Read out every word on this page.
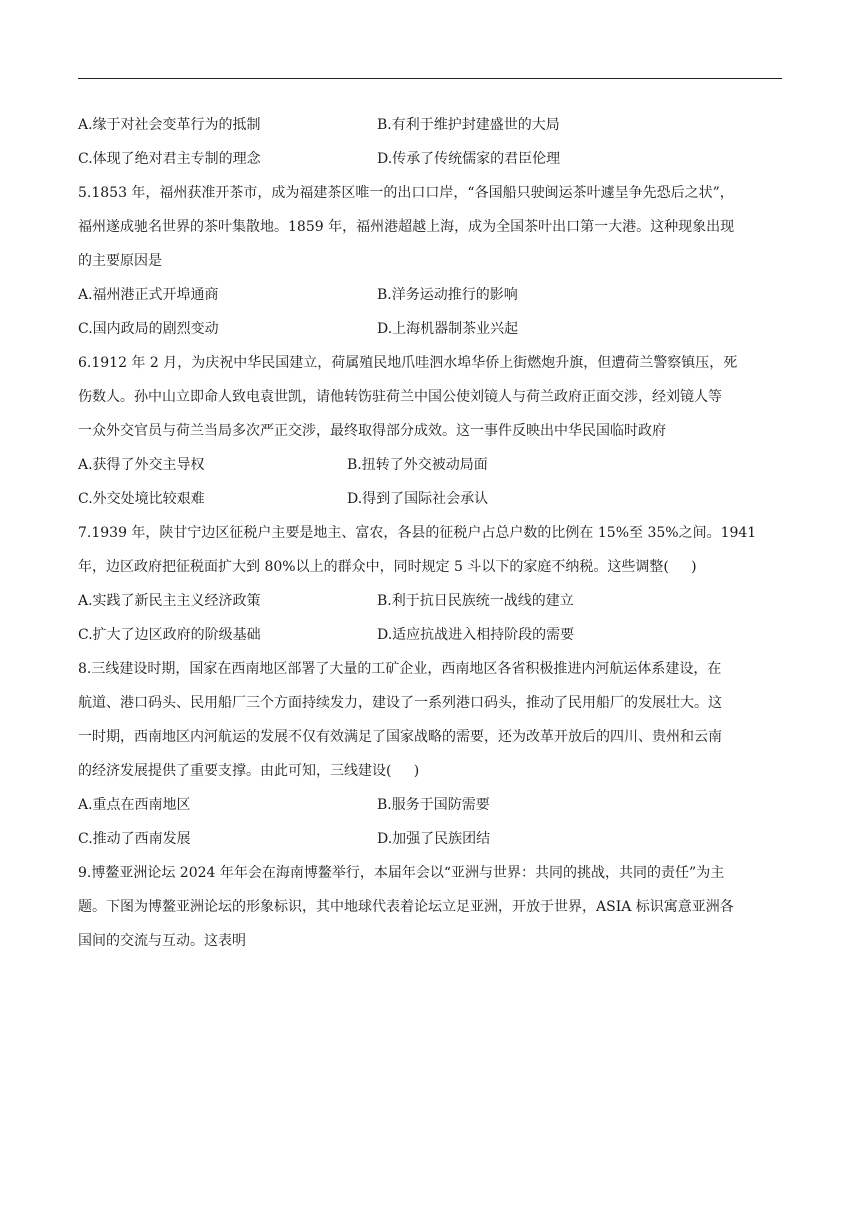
A.缘于对社会变革行为的抵制	B.有利于维护封建盛世的大局
C.体现了绝对君主专制的理念	D.传承了传统儒家的君臣伦理
5.1853 年，福州获准开茶市，成为福建茶区唯一的出口口岸，“各国船只驶闽运茶叶遽呈争先恐后之状”，
福州遂成驰名世界的茶叶集散地。1859 年，福州港超越上海，成为全国茶叶出口第一大港。这种现象出现
的主要原因是
A.福州港正式开埠通商	B.洋务运动推行的影响
C.国内政局的剧烈变动	D.上海机器制茶业兴起
6.1912 年 2 月，为庆祝中华民国建立，荷属殖民地爪哇泗水埠华侨上街燃炮升旗，但遭荷兰警察镇压，死
伤数人。孙中山立即命人致电袁世凯，请他转饬驻荷兰中国公使刘镜人与荷兰政府正面交涉，经刘镜人等
一众外交官员与荷兰当局多次严正交涉，最终取得部分成效。这一事件反映出中华民国临时政府
A.获得了外交主导权	B.扭转了外交被动局面
C.外交处境比较艰难	D.得到了国际社会承认
7.1939 年，陕甘宁边区征税户主要是地主、富农，各县的征税户占总户数的比例在 15%至 35%之间。1941
年，边区政府把征税面扩大到 80%以上的群众中，同时规定 5 斗以下的家庭不纳税。这些调整(     )
A.实践了新民主主义经济政策	B.利于抗日民族统一战线的建立
C.扩大了边区政府的阶级基础	D.适应抗战进入相持阶段的需要
8.三线建设时期，国家在西南地区部署了大量的工矿企业，西南地区各省积极推进内河航运体系建设，在
航道、港口码头、民用船厂三个方面持续发力，建设了一系列港口码头，推动了民用船厂的发展壮大。这
一时期，西南地区内河航运的发展不仅有效满足了国家战略的需要，还为改革开放后的四川、贵州和云南
的经济发展提供了重要支撑。由此可知，三线建设(     )
A.重点在西南地区	B.服务于国防需要
C.推动了西南发展	D.加强了民族团结
9.博鳌亚洲论坛 2024 年年会在海南博鳌举行，本届年会以“亚洲与世界：共同的挑战，共同的责任”为主
题。下图为博鳌亚洲论坛的形象标识，其中地球代表着论坛立足亚洲，开放于世界，ASIA 标识寓意亚洲各
国间的交流与互动。这表明
